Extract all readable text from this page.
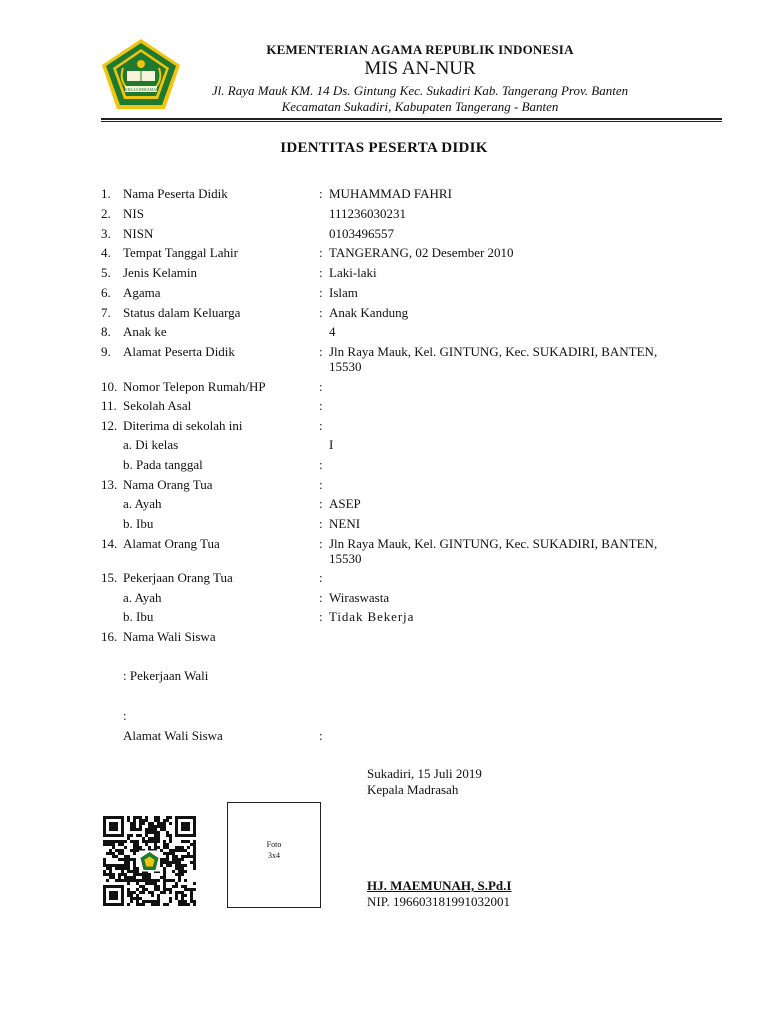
IKHLAS BERAMAL
KEMENTERIAN AGAMA REPUBLIK INDONESIA
MIS AN-NUR
Jl. Raya Mauk KM. 14 Ds. Gintung Kec. Sukadiri Kab. Tangerang Prov. Banten
Kecamatan Sukadiri, Kabupaten Tangerang - Banten
IDENTITAS PESERTA DIDIK
1. Nama Peserta Didik	: MUHAMMAD FAHRI
2. NIS	111236030231
3. NISN	0103496557
4. Tempat Tanggal Lahir	: TANGERANG, 02 Desember 2010
5. Jenis Kelamin	: Laki-laki
6. Agama	: Islam
7. Status dalam Keluarga	: Anak Kandung
8. Anak ke	4
9. Alamat Peserta Didik	: Jln Raya Mauk, Kel. GINTUNG, Kec. SUKADIRI, BANTEN,
15530
10. Nomor Telepon Rumah/HP	:
11. Sekolah Asal	:
12. Diterima di sekolah ini	:
a. Di kelas	I
b. Pada tanggal	:
13. Nama Orang Tua	:
a. Ayah	: ASEP
b. Ibu	: NENI
14. Alamat Orang Tua	: Jln Raya Mauk, Kel. GINTUNG, Kec. SUKADIRI, BANTEN,
15530
15. Pekerjaan Orang Tua	:
a. Ayah	: Wiraswasta
b. Ibu	: Tidak Bekerja
16. Nama Wali Siswa
: Pekerjaan Wali
:
Alamat Wali Siswa	:
Sukadiri, 15 Juli 2019
Kepala Madrasah
HJ. MAEMUNAH, S.Pd.I
NIP. 196603181991032001
Foto
3x4
